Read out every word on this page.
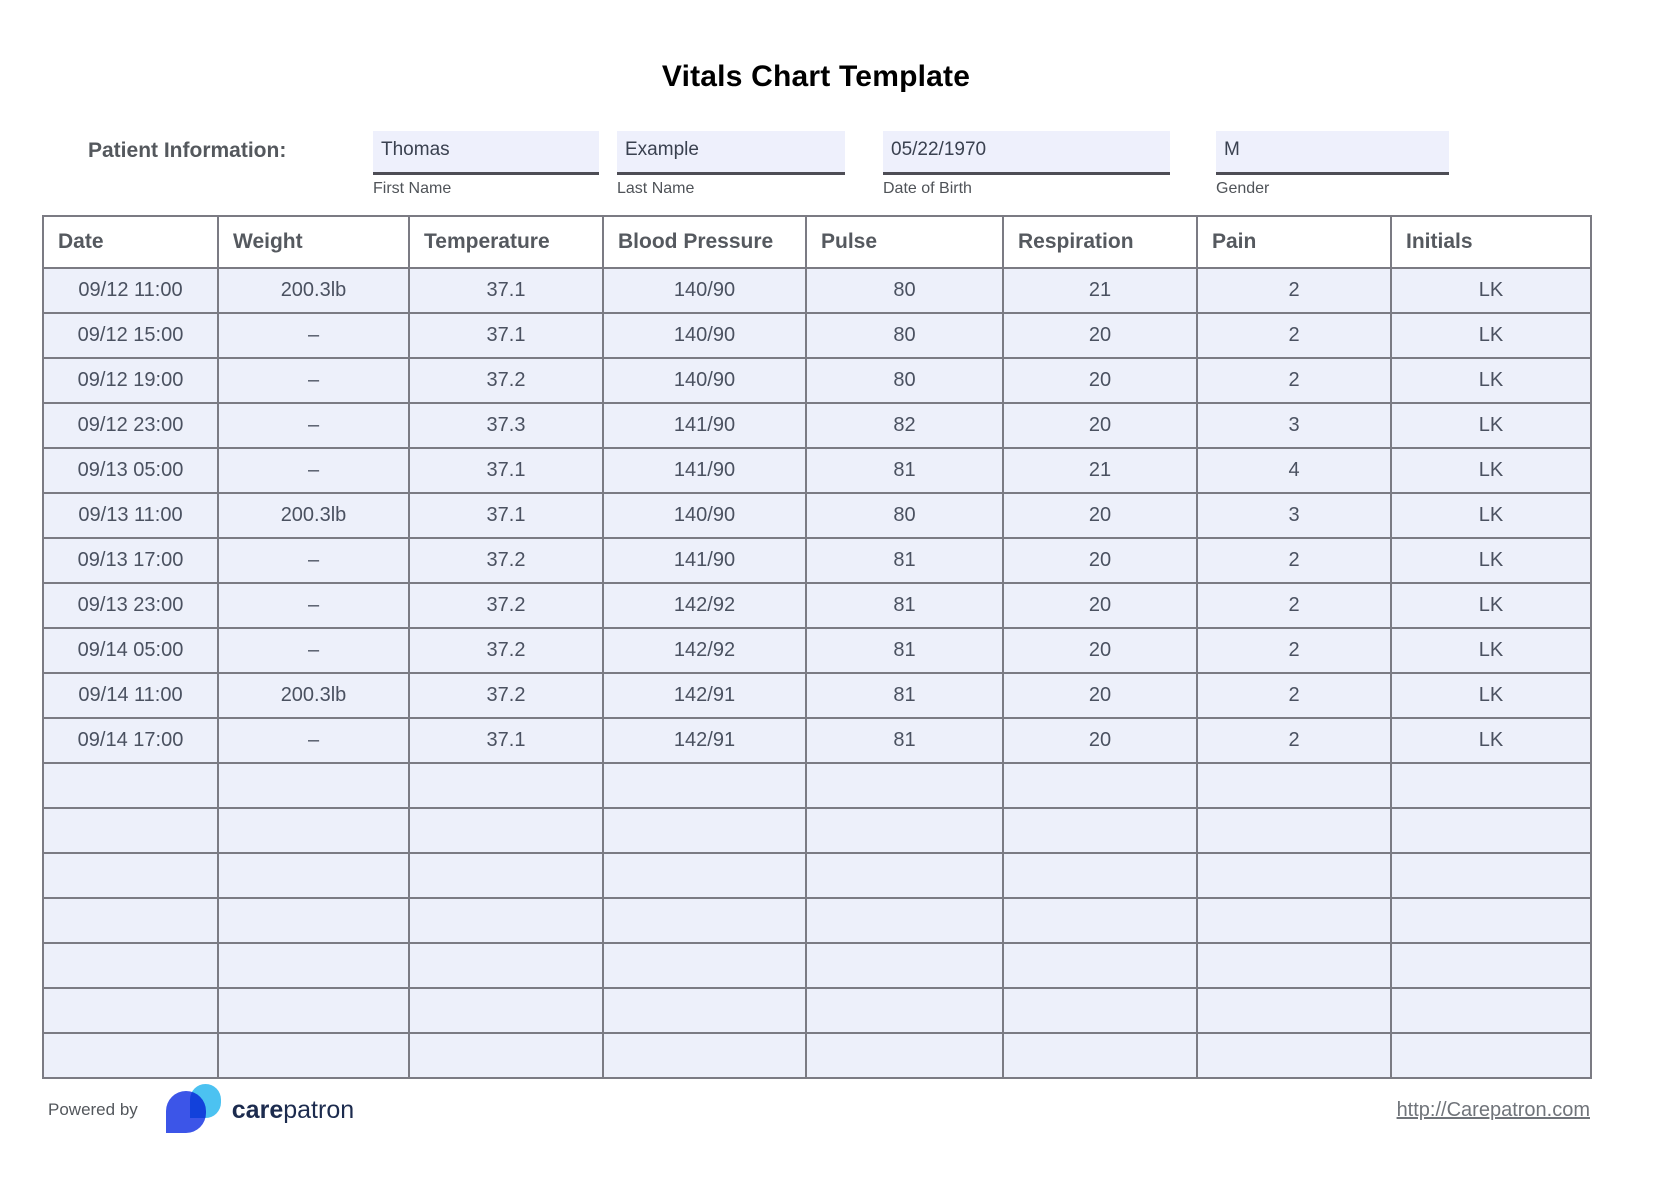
Vitals Chart Template
Patient Information:	Thomas
First Name
Example
Last Name
05/22/1970
Date of Birth
M
Gender
Date	Weight	Temperature	Blood Pressure	Pulse	Respiration	Pain	Initials
09/12 11:00	200.3lb	37.1	140/90	80	21	2	LK
09/12 15:00	–	37.1	140/90	80	20	2	LK
09/12 19:00	–	37.2	140/90	80	20	2	LK
09/12 23:00	–	37.3	141/90	82	20	3	LK
09/13 05:00	–	37.1	141/90	81	21	4	LK
09/13 11:00	200.3lb	37.1	140/90	80	20	3	LK
09/13 17:00	–	37.2	141/90	81	20	2	LK
09/13 23:00	–	37.2	142/92	81	20	2	LK
09/14 05:00	–	37.2	142/92	81	20	2	LK
09/14 11:00	200.3lb	37.2	142/91	81	20	2	LK
09/14 17:00	–	37.1	142/91	81	20	2	LK

Powered by	carepatron	http://Carepatron.com
